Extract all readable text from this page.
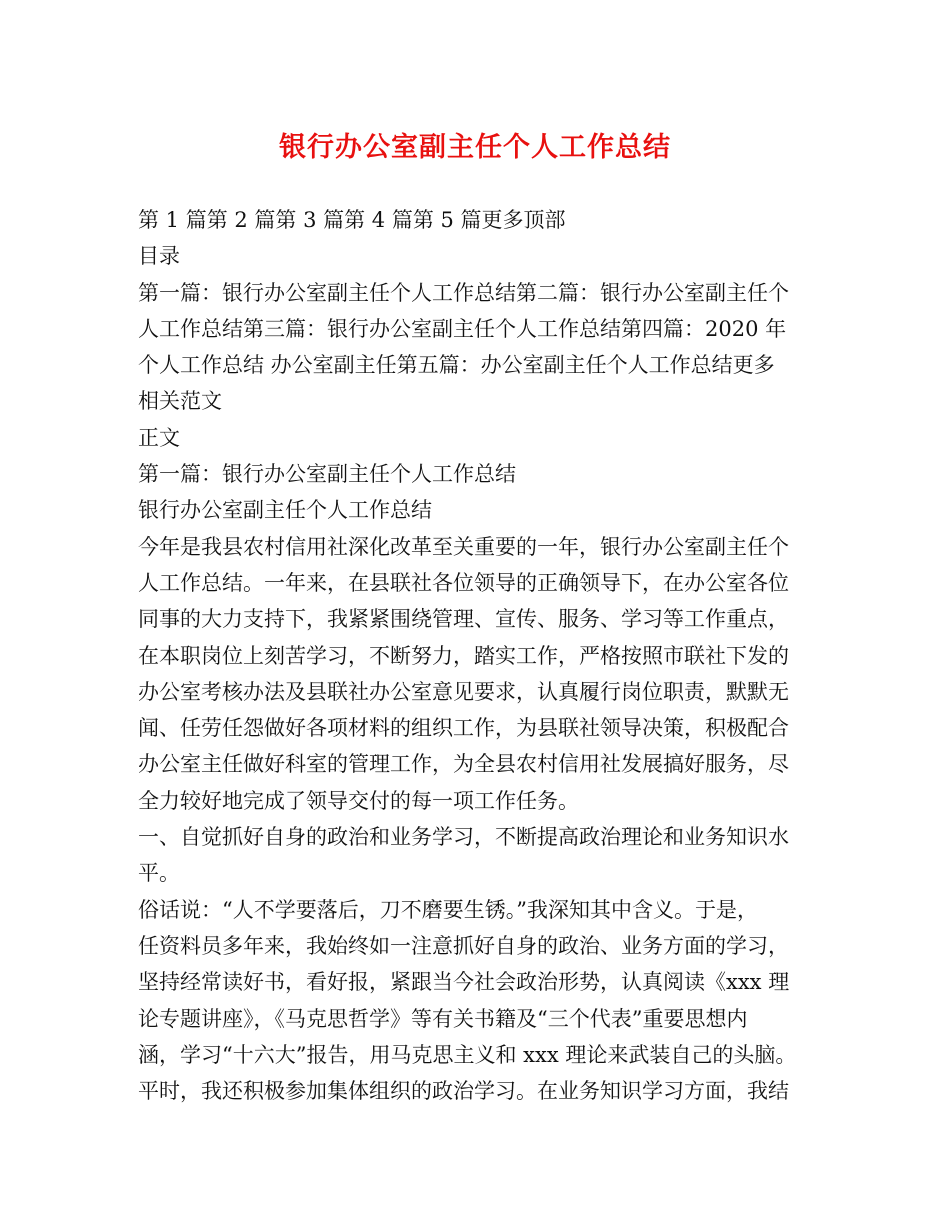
银行办公室副主任个人工作总结
第 1 篇第 2 篇第 3 篇第 4 篇第 5 篇更多顶部
目录
第一篇：银行办公室副主任个人工作总结第二篇：银行办公室副主任个
人工作总结第三篇：银行办公室副主任个人工作总结第四篇：2020 年
个人工作总结 办公室副主任第五篇：办公室副主任个人工作总结更多
相关范文
正文
第一篇：银行办公室副主任个人工作总结
银行办公室副主任个人工作总结
今年是我县农村信用社深化改革至关重要的一年，银行办公室副主任个
人工作总结。一年来，在县联社各位领导的正确领导下，在办公室各位
同事的大力支持下，我紧紧围绕管理、宣传、服务、学习等工作重点，
在本职岗位上刻苦学习，不断努力，踏实工作，严格按照市联社下发的
办公室考核办法及县联社办公室意见要求，认真履行岗位职责，默默无
闻、任劳任怨做好各项材料的组织工作，为县联社领导决策，积极配合
办公室主任做好科室的管理工作，为全县农村信用社发展搞好服务，尽
全力较好地完成了领导交付的每一项工作任务。
一、自觉抓好自身的政治和业务学习，不断提高政治理论和业务知识水
平。
俗话说：“人不学要落后，刀不磨要生锈。”我深知其中含义。于是，
任资料员多年来，我始终如一注意抓好自身的政治、业务方面的学习，
坚持经常读好书，看好报，紧跟当今社会政治形势，认真阅读《xxx 理
论专题讲座》，《马克思哲学》等有关书籍及“三个代表”重要思想内
涵，学习“十六大”报告，用马克思主义和 xxx 理论来武装自己的头脑。
平时，我还积极参加集体组织的政治学习。在业务知识学习方面，我结
